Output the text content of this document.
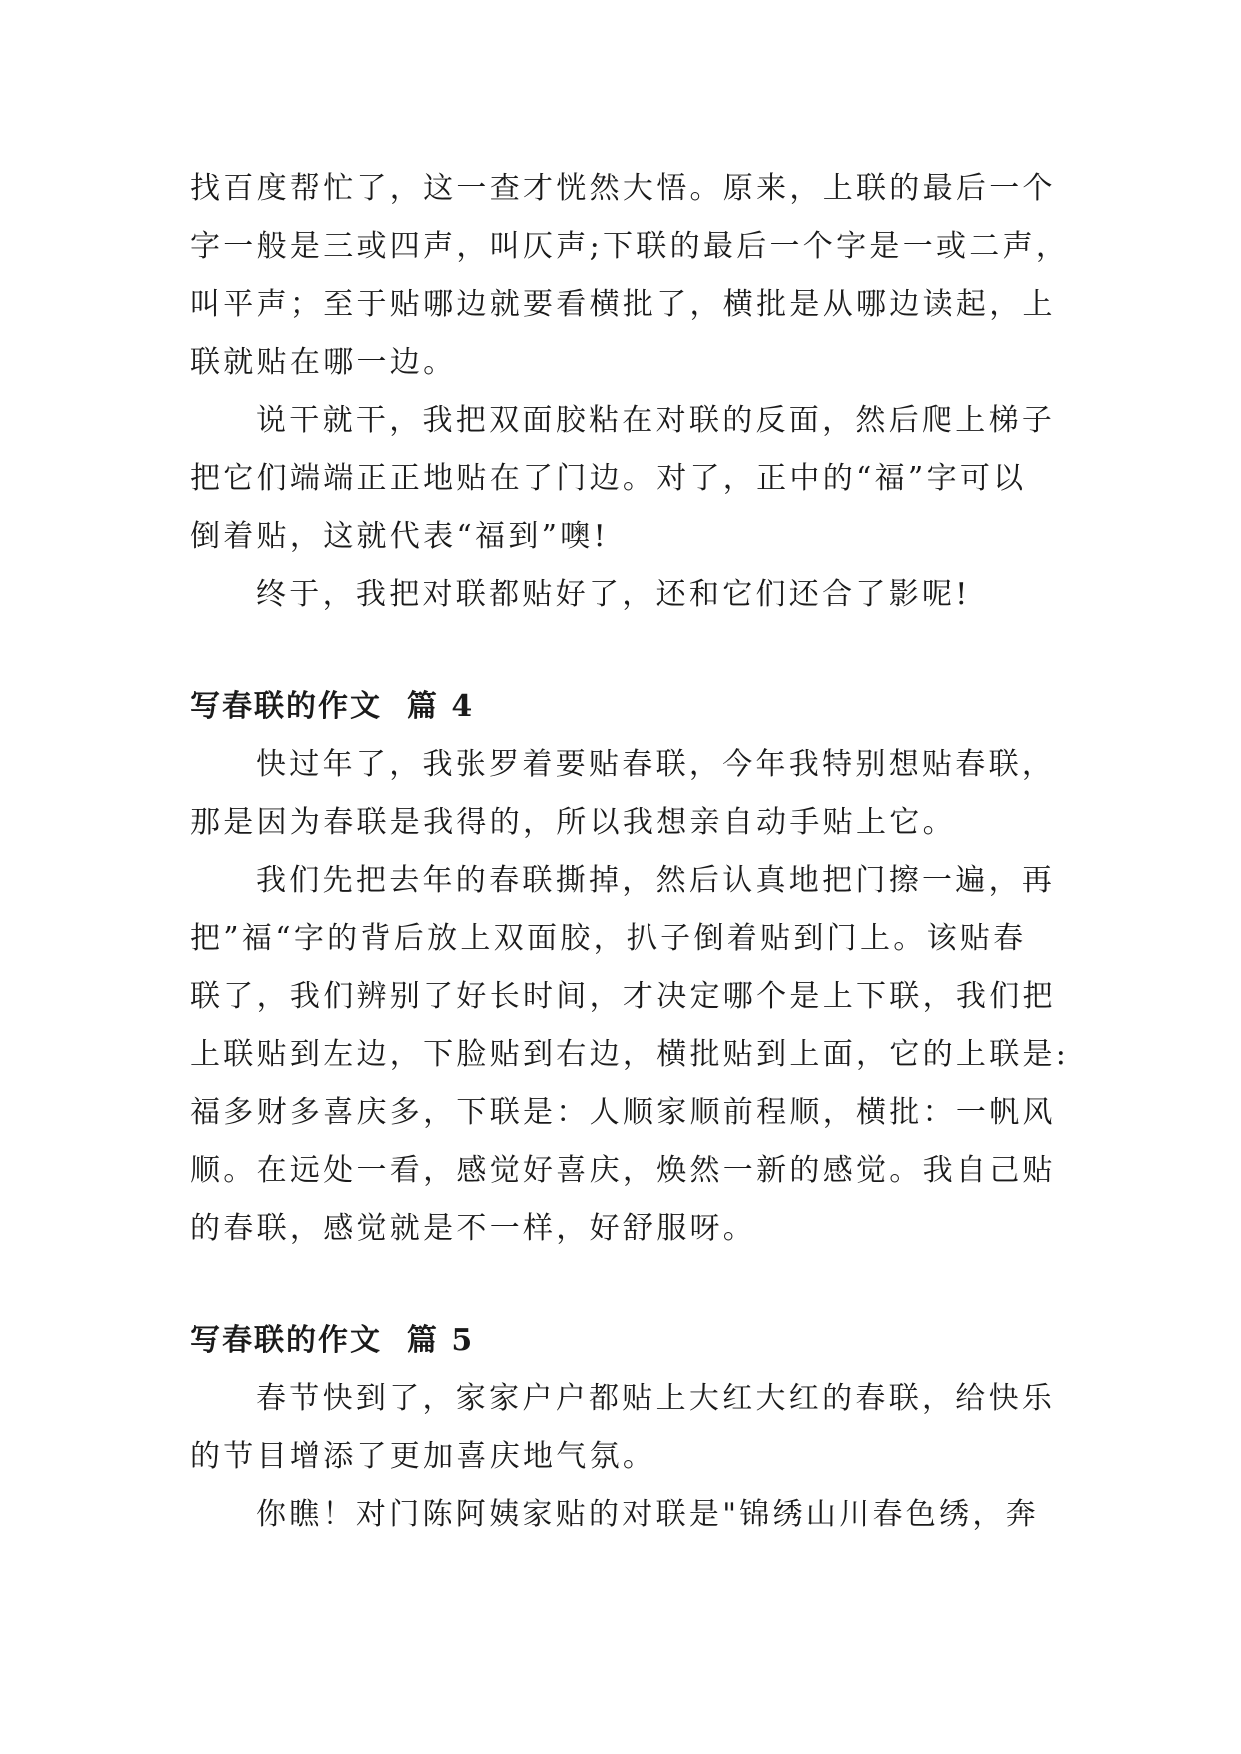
找百度帮忙了，这一查才恍然大悟。原来，上联的最后一个
字一般是三或四声，叫仄声;下联的最后一个字是一或二声，
叫平声；至于贴哪边就要看横批了，横批是从哪边读起，上
联就贴在哪一边。

说干就干，我把双面胶粘在对联的反面，然后爬上梯子
把它们端端正正地贴在了门边。对了，正中的“福”字可以
倒着贴，这就代表“福到”噢!

终于，我把对联都贴好了，还和它们还合了影呢!

写春联的作文  篇 4

快过年了，我张罗着要贴春联，今年我特别想贴春联，
那是因为春联是我得的，所以我想亲自动手贴上它。

我们先把去年的春联撕掉，然后认真地把门擦一遍，再
把”福“字的背后放上双面胶，扒子倒着贴到门上。该贴春
联了，我们辨别了好长时间，才决定哪个是上下联，我们把
上联贴到左边，下脸贴到右边，横批贴到上面，它的上联是:
福多财多喜庆多，下联是：人顺家顺前程顺，横批：一帆风
顺。在远处一看，感觉好喜庆，焕然一新的感觉。我自己贴
的春联，感觉就是不一样，好舒服呀。

写春联的作文  篇 5

春节快到了，家家户户都贴上大红大红的春联，给快乐
的节目增添了更加喜庆地气氛。

你瞧！对门陈阿姨家贴的对联是"锦绣山川春色绣，奔
